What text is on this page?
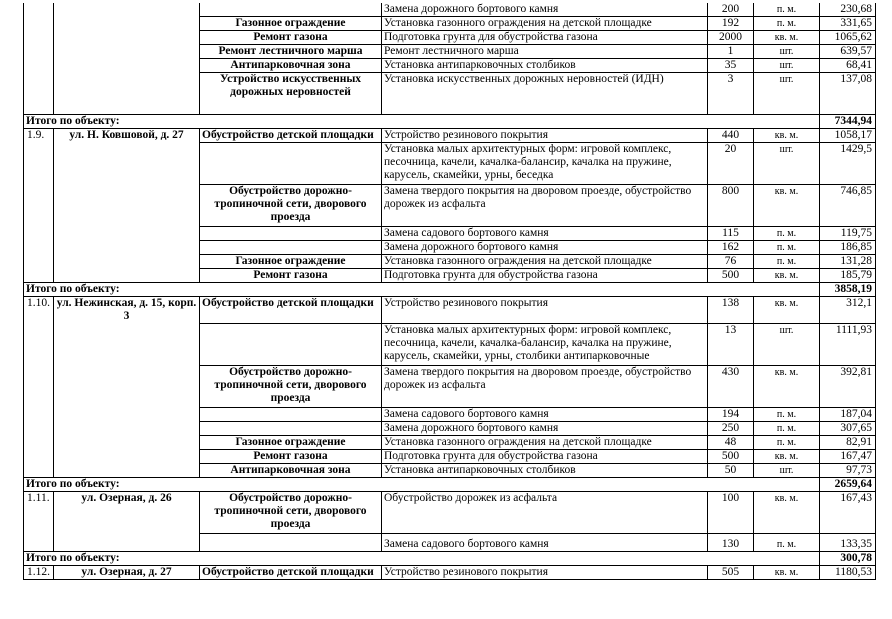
			Замена дорожного бортового камня	200	п. м.	230,68
		Газонное ограждение	Установка газонного ограждения на детской площадке	192	п. м.	331,65
		Ремонт газона	Подготовка грунта для обустройства газона	2000	кв. м.	1065,62
		Ремонт лестничного марша	Ремонт лестничного марша	1	шт.	639,57
		Антипарковочная зона	Установка антипарковочных столбиков	35	шт.	68,41
		Устройство искусственных дорожных неровностей	Установка искусственных дорожных неровностей (ИДН)	3	шт.	137,08
Итого по объекту:						7344,94
1.9.	ул. Н. Ковшовой, д. 27	Обустройство детской площадки	Устройство резинового покрытия	440	кв. м.	1058,17
			Установка малых архитектурных форм: игровой комплекс, песочница, качели, качалка-балансир, качалка на пружине, карусель, скамейки, урны, беседка	20	шт.	1429,5
		Обустройство дорожно-тропиночной сети, дворового проезда	Замена твердого покрытия на дворовом проезде, обустройство дорожек из асфальта	800	кв. м.	746,85
			Замена садового бортового камня	115	п. м.	119,75
			Замена дорожного бортового камня	162	п. м.	186,85
		Газонное ограждение	Установка газонного ограждения на детской площадке	76	п. м.	131,28
		Ремонт газона	Подготовка грунта для обустройства газона	500	кв. м.	185,79
Итого по объекту:						3858,19
1.10.	ул. Нежинская, д. 15, корп. 3	Обустройство детской площадки	Устройство резинового покрытия	138	кв. м.	312,1
			Установка малых архитектурных форм: игровой комплекс, песочница, качели, качалка-балансир, качалка на пружине, карусель, скамейки, урны, столбики антипарковочные	13	шт.	1111,93
		Обустройство дорожно-тропиночной сети, дворового проезда	Замена твердого покрытия на дворовом проезде, обустройство дорожек из асфальта	430	кв. м.	392,81
			Замена садового бортового камня	194	п. м.	187,04
			Замена дорожного бортового камня	250	п. м.	307,65
		Газонное ограждение	Установка газонного ограждения на детской площадке	48	п. м.	82,91
		Ремонт газона	Подготовка грунта для обустройства газона	500	кв. м.	167,47
		Антипарковочная зона	Установка антипарковочных столбиков	50	шт.	97,73
Итого по объекту:						2659,64
1.11.	ул. Озерная, д. 26	Обустройство дорожно-тропиночной сети, дворового проезда	Обустройство дорожек из асфальта	100	кв. м.	167,43
			Замена садового бортового камня	130	п. м.	133,35
Итого по объекту:						300,78
1.12.	ул. Озерная, д. 27	Обустройство детской площадки	Устройство резинового покрытия	505	кв. м.	1180,53
